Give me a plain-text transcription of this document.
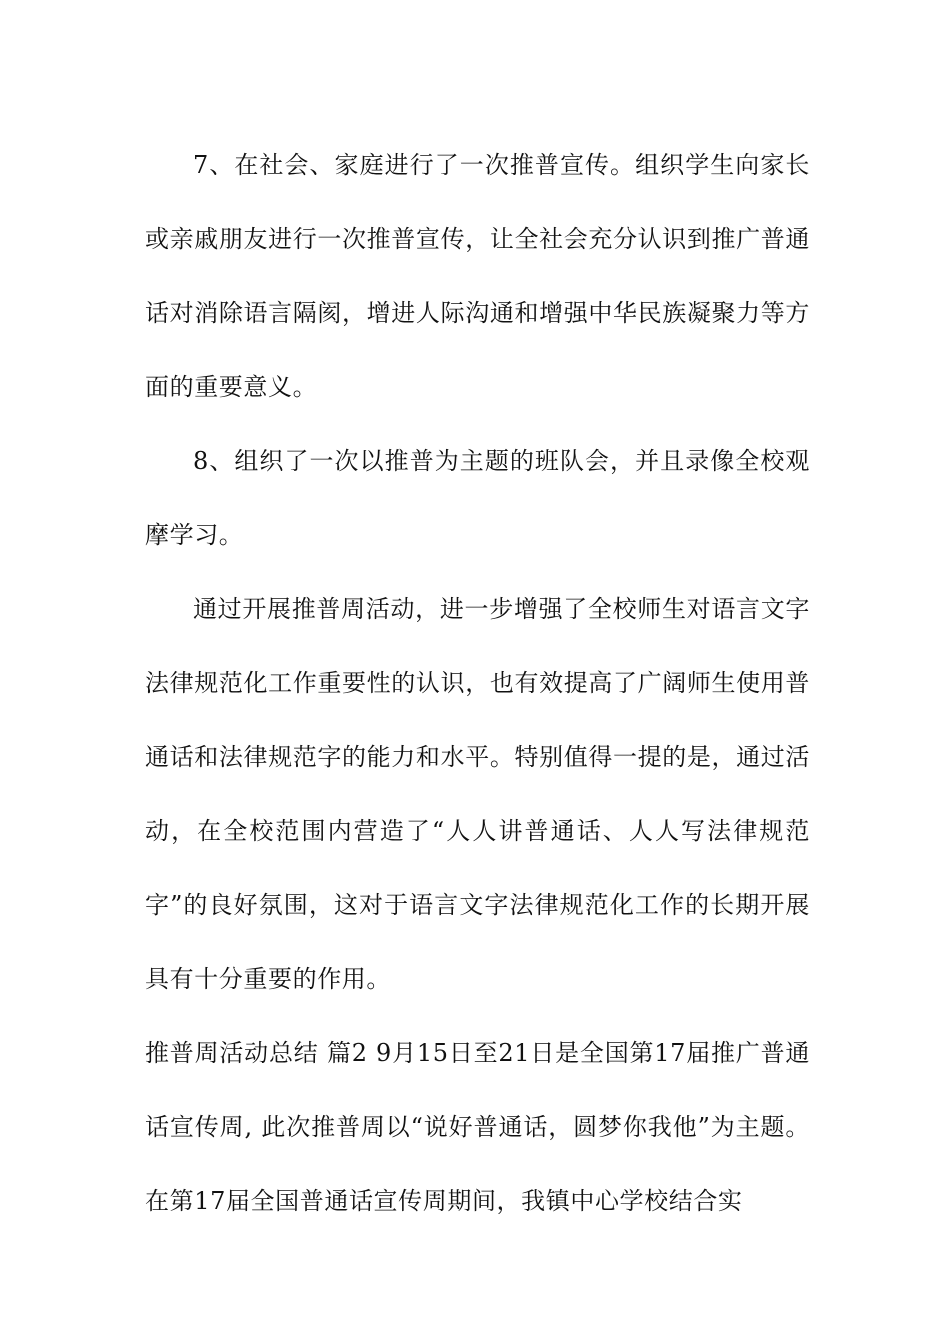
7、在社会、家庭进行了一次推普宣传。组织学生向家长或亲戚朋友进行一次推普宣传，让全社会充分认识到推广普通话对消除语言隔阂，增进人际沟通和增强中华民族凝聚力等方面的重要意义。

8、组织了一次以推普为主题的班队会，并且录像全校观摩学习。

通过开展推普周活动，进一步增强了全校师生对语言文字法律规范化工作重要性的认识，也有效提高了广阔师生使用普通话和法律规范字的能力和水平。特别值得一提的是，通过活动，在全校范围内营造了“人人讲普通话、人人写法律规范字”的良好氛围，这对于语言文字法律规范化工作的长期开展具有十分重要的作用。

推普周活动总结 篇2 9月15日至21日是全国第17届推广普通话宣传周, 此次推普周以“说好普通话，圆梦你我他”为主题。在第17届全国普通话宣传周期间，我镇中心学校结合实
